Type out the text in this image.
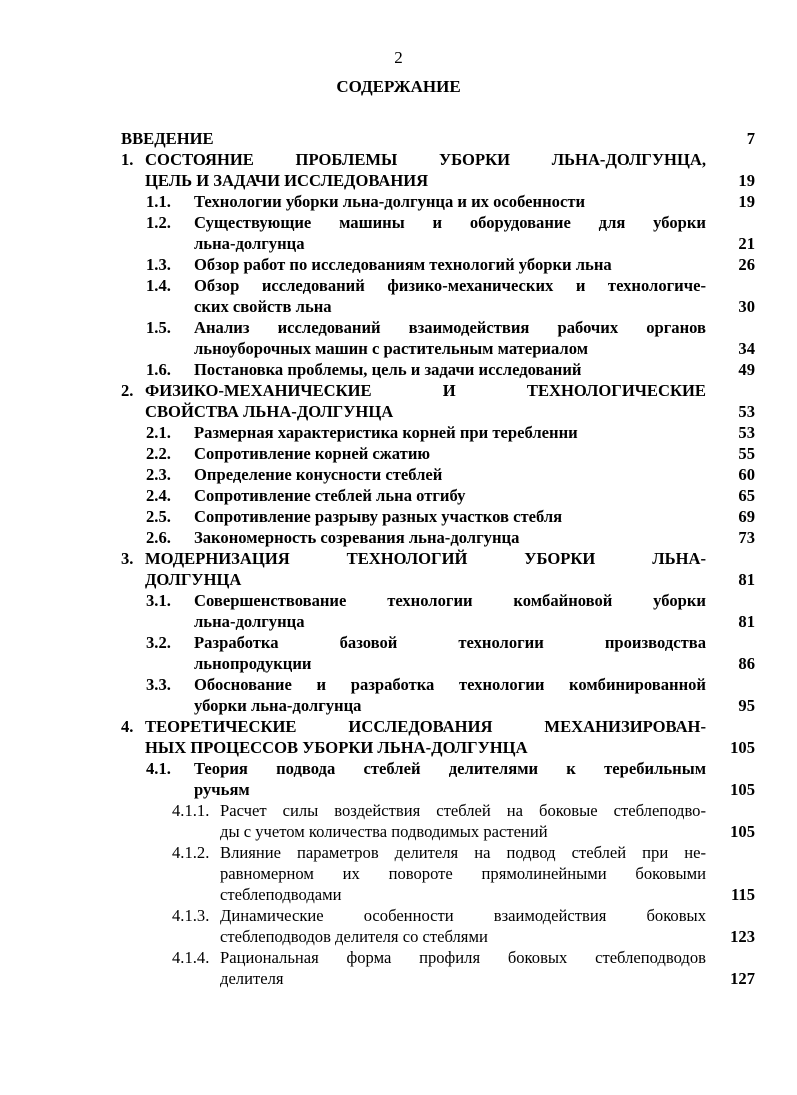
2
СОДЕРЖАНИЕ
ВВЕДЕНИЕ	7
1. СОСТОЯНИЕ ПРОБЛЕМЫ УБОРКИ ЛЬНА-ДОЛГУНЦА,
ЦЕЛЬ И ЗАДАЧИ ИССЛЕДОВАНИЯ	19
1.1. Технологии уборки льна-долгунца и их особенности	19
1.2. Существующие машины и оборудование для уборки
льна-долгунца	21
1.3. Обзор работ по исследованиям технологий уборки льна	26
1.4. Обзор исследований физико-механических и технологиче-
ских свойств льна	30
1.5. Анализ исследований взаимодействия рабочих органов
льноуборочных машин с растительным материалом	34
1.6. Постановка проблемы, цель и задачи исследований	49
2. ФИЗИКО-МЕХАНИЧЕСКИЕ И ТЕХНОЛОГИЧЕСКИЕ
СВОЙСТВА ЛЬНА-ДОЛГУНЦА	53
2.1. Размерная характеристика корней при теребленни	53
2.2. Сопротивление корней сжатию	55
2.3. Определение конусности стеблей	60
2.4. Сопротивление стеблей льна отгибу	65
2.5. Сопротивление разрыву разных участков стебля	69
2.6. Закономерность созревания льна-долгунца	73
3. МОДЕРНИЗАЦИЯ ТЕХНОЛОГИЙ УБОРКИ ЛЬНА-
ДОЛГУНЦА	81
3.1. Совершенствование технологии комбайновой уборки
льна-долгунца	81
3.2. Разработка базовой технологии производства
льнопродукции	86
3.3. Обоснование и разработка технологии комбинированной
уборки льна-долгунца	95
4. ТЕОРЕТИЧЕСКИЕ ИССЛЕДОВАНИЯ МЕХАНИЗИРОВАН-
НЫХ ПРОЦЕССОВ УБОРКИ ЛЬНА-ДОЛГУНЦА	105
4.1. Теория подвода стеблей делителями к теребильным
ручьям	105
4.1.1. Расчет силы воздействия стеблей на боковые стеблеподво-
ды с учетом количества подводимых растений	105
4.1.2. Влияние параметров делителя на подвод стеблей при не-
равномерном их повороте прямолинейными боковыми
стеблеподводами	115
4.1.3. Динамические особенности взаимодействия боковых
стеблеподводов делителя со стеблями	123
4.1.4. Рациональная форма профиля боковых стеблеподводов
делителя	127
